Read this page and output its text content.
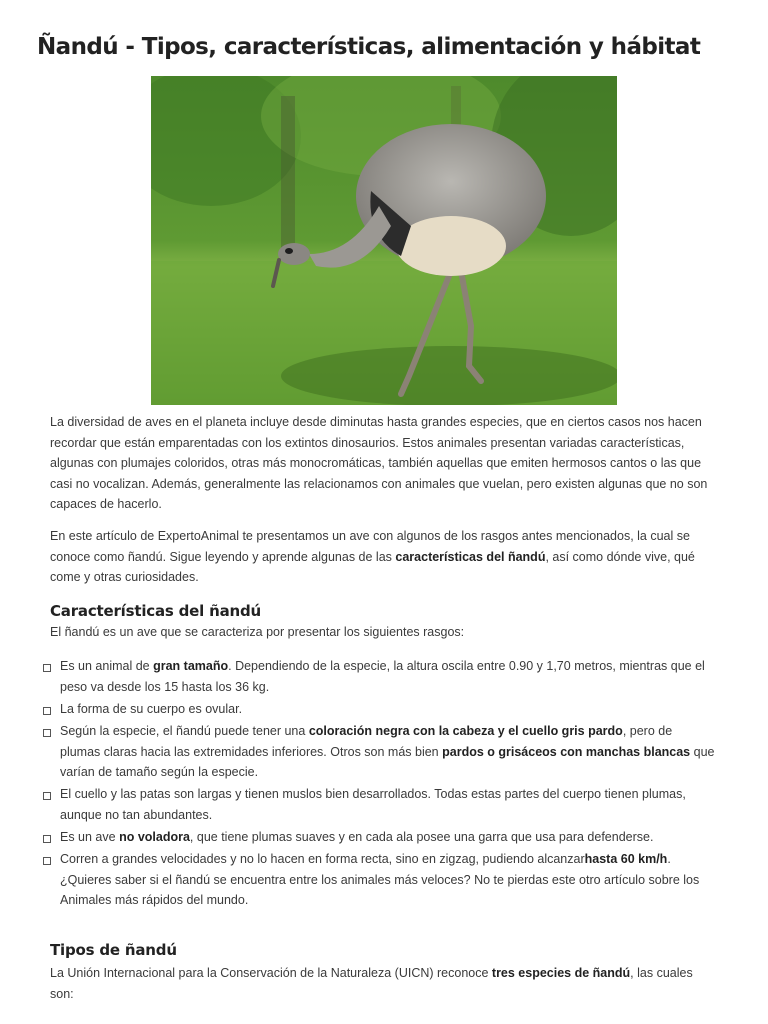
Ñandú - Tipos, características, alimentación y hábitat

La diversidad de aves en el planeta incluye desde diminutas hasta grandes especies, que en ciertos casos nos hacen recordar que están emparentadas con los extintos dinosaurios. Estos animales presentan variadas características, algunas con plumajes coloridos, otras más monocromáticas, también aquellas que emiten hermosos cantos o las que casi no vocalizan. Además, generalmente las relacionamos con animales que vuelan, pero existen algunas que no son capaces de hacerlo.

En este artículo de ExpertoAnimal te presentamos un ave con algunos de los rasgos antes mencionados, la cual se conoce como ñandú. Sigue leyendo y aprende algunas de las características del ñandú, así como dónde vive, qué come y otras curiosidades.

Características del ñandú

El ñandú es un ave que se caracteriza por presentar los siguientes rasgos:

Es un animal de gran tamaño. Dependiendo de la especie, la altura oscila entre 0.90 y 1,70 metros, mientras que el peso va desde los 15 hasta los 36 kg.
La forma de su cuerpo es ovular.
Según la especie, el ñandú puede tener una coloración negra con la cabeza y el cuello gris pardo, pero de plumas claras hacia las extremidades inferiores. Otros son más bien pardos o grisáceos con manchas blancas que varían de tamaño según la especie.
El cuello y las patas son largas y tienen muslos bien desarrollados. Todas estas partes del cuerpo tienen plumas, aunque no tan abundantes.
Es un ave no voladora, que tiene plumas suaves y en cada ala posee una garra que usa para defenderse.
Corren a grandes velocidades y no lo hacen en forma recta, sino en zigzag, pudiendo alcanzarhasta 60 km/h. ¿Quieres saber si el ñandú se encuentra entre los animales más veloces? No te pierdas este otro artículo sobre los Animales más rápidos del mundo.
Tipos de ñandú

La Unión Internacional para la Conservación de la Naturaleza (UICN) reconoce tres especies de ñandú, las cuales son:
